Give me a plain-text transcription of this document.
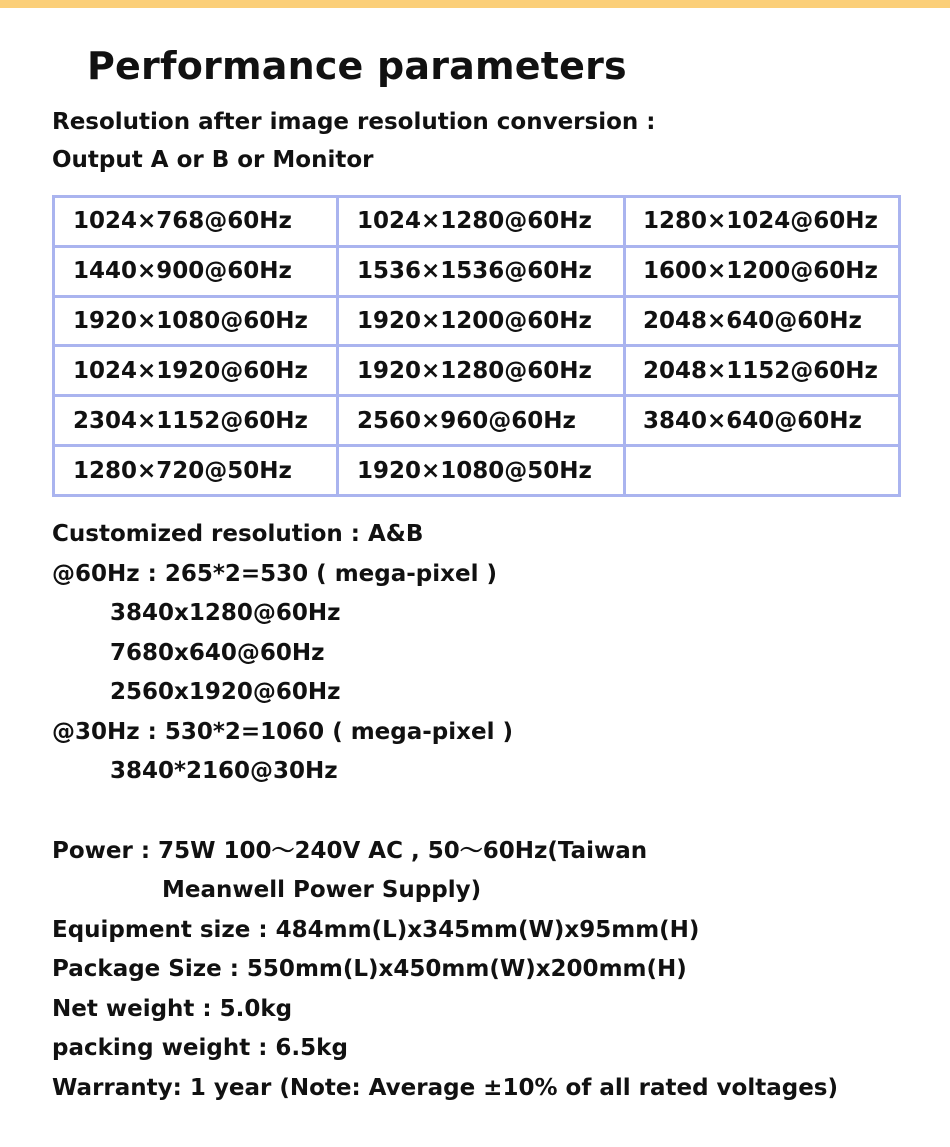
Performance parameters
Resolution after image resolution conversion :
Output A or B or Monitor
1024×768@60Hz	1024×1280@60Hz	1280×1024@60Hz
1440×900@60Hz	1536×1536@60Hz	1600×1200@60Hz
1920×1080@60Hz	1920×1200@60Hz	2048×640@60Hz
1024×1920@60Hz	1920×1280@60Hz	2048×1152@60Hz
2304×1152@60Hz	2560×960@60Hz	3840×640@60Hz
1280×720@50Hz	1920×1080@50Hz	
Customized resolution : A&B
@60Hz : 265*2=530 ( mega-pixel )
3840x1280@60Hz
7680x640@60Hz
2560x1920@60Hz
@30Hz : 530*2=1060 ( mega-pixel )
3840*2160@30Hz
Power : 75W 100～240V AC , 50～60Hz(Taiwan
Meanwell Power Supply)
Equipment size : 484mm(L)x345mm(W)x95mm(H)
Package Size : 550mm(L)x450mm(W)x200mm(H)
Net weight : 5.0kg
packing weight : 6.5kg
Warranty: 1 year (Note: Average ±10% of all rated voltages)
